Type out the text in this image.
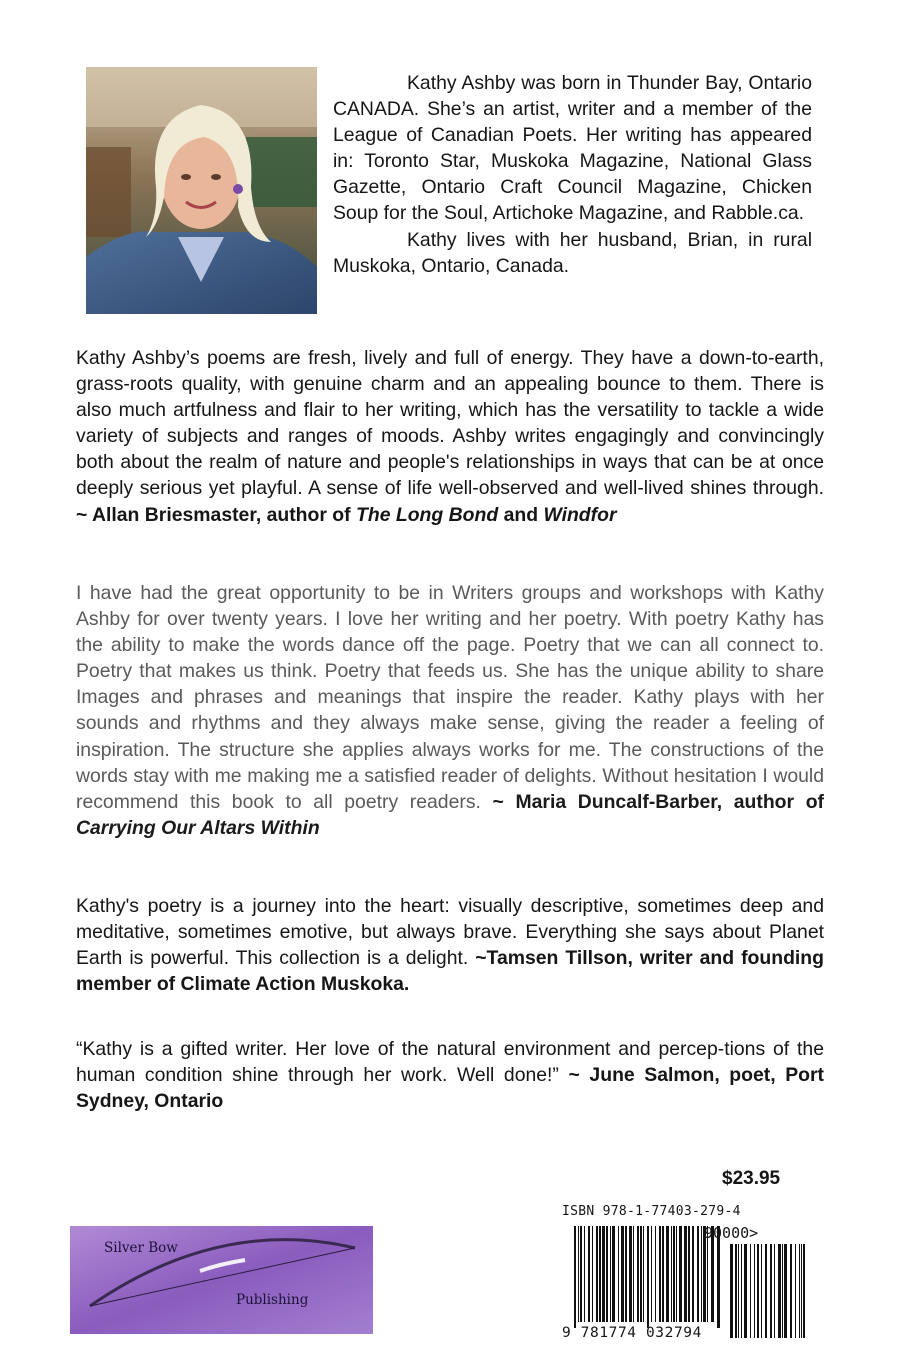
Kathy Ashby was born in Thunder Bay, Ontario CANADA. She’s an artist, writer and a member of the League of Canadian Poets. Her writing has appeared in: Toronto Star, Muskoka Magazine, National Glass Gazette, Ontario Craft Council Magazine, Chicken Soup for the Soul, Artichoke Magazine, and Rabble.ca.

Kathy lives with her husband, Brian, in rural Muskoka, Ontario, Canada.

Kathy Ashby’s poems are fresh, lively and full of energy. They have a down-to-earth, grass-roots quality, with genuine charm and an appealing bounce to them. There is also much artfulness and flair to her writing, which has the versatility to tackle a wide variety of subjects and ranges of moods. Ashby writes engagingly and convincingly both about the realm of nature and people's relationships in ways that can be at once deeply serious yet playful. A sense of life well-observed and well-lived shines through. ~ Allan Briesmaster, author of The Long Bond and Windfor

I have had the great opportunity to be in Writers groups and workshops with Kathy Ashby for over twenty years. I love her writing and her poetry. With poetry Kathy has the ability to make the words dance off the page. Poetry that we can all connect to. Poetry that makes us think. Poetry that feeds us. She has the unique ability to share Images and phrases and meanings that inspire the reader. Kathy plays with her sounds and rhythms and they always make sense, giving the reader a feeling of inspiration. The structure she applies always works for me. The constructions of the words stay with me making me a satisfied reader of delights. Without hesitation I would recommend this book to all poetry readers. ~ Maria Duncalf-Barber, author of Carrying Our Altars Within

Kathy's poetry is a journey into the heart: visually descriptive, sometimes deep and meditative, sometimes emotive, but always brave. Everything she says about Planet Earth is powerful. This collection is a delight. ~Tamsen Tillson, writer and founding member of Climate Action Muskoka.

“Kathy is a gifted writer. Her love of the natural environment and percep-tions of the human condition shine through her work. Well done!” ~ June Salmon, poet, Port Sydney, Ontario

$23.95
Silver Bow
Publishing
ISBN 978-1-77403-279-4
90000>
9 781774 032794
